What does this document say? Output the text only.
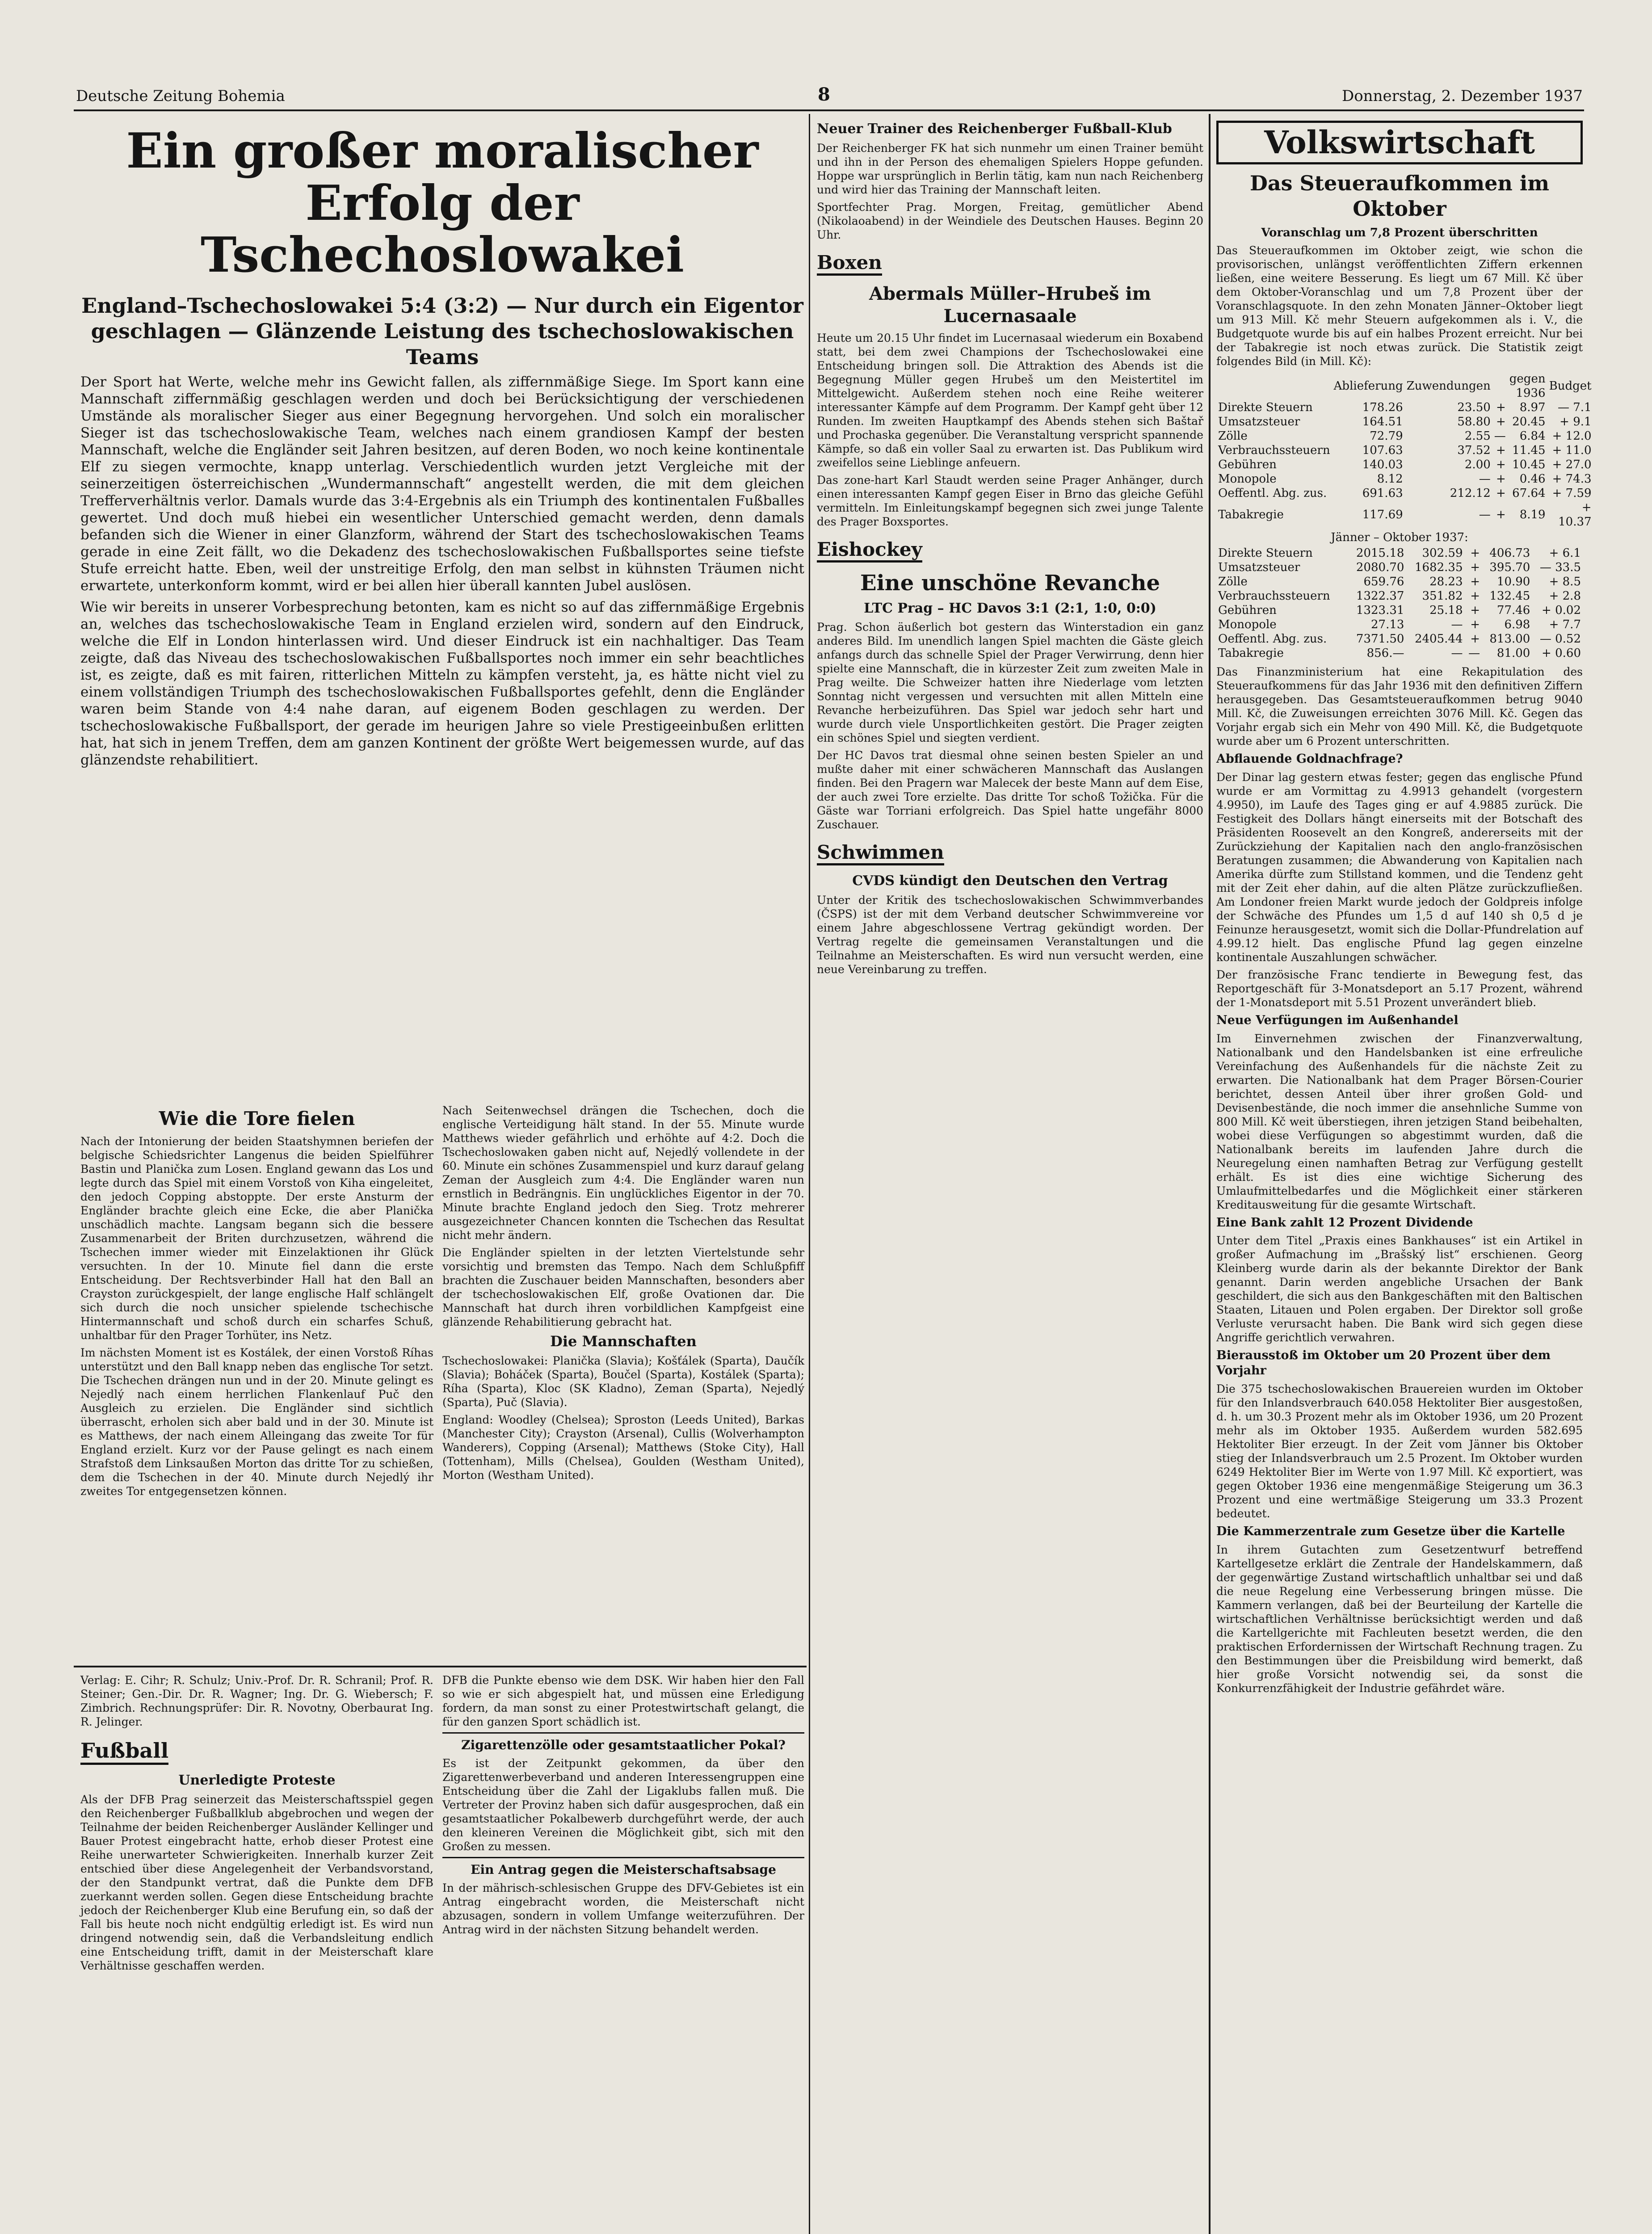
Deutsche Zeitung Bohemia	8	Donnerstag, 2. Dezember 1937
Ein großer moralischer Erfolg der Tschechoslowakei
England–Tschechoslowakei 5:4 (3:2) — Nur durch ein Eigentor geschlagen — Glänzende Leistung des tschechoslowakischen Teams

Der Sport hat Werte, welche mehr ins Gewicht fallen, als ziffernmäßige Siege. Im Sport kann eine Mannschaft ziffernmäßig geschlagen werden und doch bei Berücksichtigung der verschiedenen Umstände als moralischer Sieger aus einer Begegnung hervorgehen. Und solch ein moralischer Sieger ist das tschechoslowakische Team, welches nach einem grandiosen Kampf der besten Mannschaft, welche die Engländer seit Jahren besitzen, auf deren Boden, wo noch keine kontinentale Elf zu siegen vermochte, knapp unterlag. Verschiedentlich wurden jetzt Vergleiche mit der seinerzeitigen österreichischen „Wundermannschaft“ angestellt werden, die mit dem gleichen Trefferverhältnis verlor. Damals wurde das 3:4-Ergebnis als ein Triumph des kontinentalen Fußballes gewertet. Und doch muß hiebei ein wesentlicher Unterschied gemacht werden, denn damals befanden sich die Wiener in einer Glanzform, während der Start des tschechoslowakischen Teams gerade in eine Zeit fällt, wo die Dekadenz des tschechoslowakischen Fußballsportes seine tiefste Stufe erreicht hatte. Eben, weil der unstreitige Erfolg, den man selbst in kühnsten Träumen nicht erwartete, unterkonform kommt, wird er bei allen hier überall kannten Jubel auslösen.

Wie wir bereits in unserer Vorbesprechung betonten, kam es nicht so auf das ziffernmäßige Ergebnis an, welches das tschechoslowakische Team in England erzielen wird, sondern auf den Eindruck, welche die Elf in London hinterlassen wird. Und dieser Eindruck ist ein nachhaltiger. Das Team zeigte, daß das Niveau des tschechoslowakischen Fußballsportes noch immer ein sehr beachtliches ist, es zeigte, daß es mit fairen, ritterlichen Mitteln zu kämpfen versteht, ja, es hätte nicht viel zu einem vollständigen Triumph des tschechoslowakischen Fußballsportes gefehlt, denn die Engländer waren beim Stande von 4:4 nahe daran, auf eigenem Boden geschlagen zu werden. Der tschechoslowakische Fußballsport, der gerade im heurigen Jahre so viele Prestigeeinbußen erlitten hat, hat sich in jenem Treffen, dem am ganzen Kontinent der größte Wert beigemessen wurde, auf das glänzendste rehabilitiert.

Wie die Tore fielen

Nach der Intonierung der beiden Staatshymnen beriefen der belgische Schiedsrichter Langenus die beiden Spielführer Bastin und Planička zum Losen. England gewann das Los und legte durch das Spiel mit einem Vorstoß von Kiha eingeleitet, den jedoch Copping abstoppte. Der erste Ansturm der Engländer brachte gleich eine Ecke, die aber Planička unschädlich machte. Langsam begann sich die bessere Zusammenarbeit der Briten durchzusetzen, während die Tschechen immer wieder mit Einzelaktionen ihr Glück versuchten. In der 10. Minute fiel dann die erste Entscheidung. Der Rechtsverbinder Hall hat den Ball an Crayston zurückgespielt, der lange englische Half schlängelt sich durch die noch unsicher spielende tschechische Hintermannschaft und schoß durch ein scharfes Schuß, unhaltbar für den Prager Torhüter, ins Netz.

Im nächsten Moment ist es Kostálek, der einen Vorstoß Ríhas unterstützt und den Ball knapp neben das englische Tor setzt. Die Tschechen drängen nun und in der 20. Minute gelingt es Nejedlý nach einem herrlichen Flankenlauf Puč den Ausgleich zu erzielen. Die Engländer sind sichtlich überrascht, erholen sich aber bald und in der 30. Minute ist es Matthews, der nach einem Alleingang das zweite Tor für England erzielt. Kurz vor der Pause gelingt es nach einem Strafstoß dem Linksaußen Morton das dritte Tor zu schießen, dem die Tschechen in der 40. Minute durch Nejedlý ihr zweites Tor entgegensetzen können.

Nach Seitenwechsel drängen die Tschechen, doch die englische Verteidigung hält stand. In der 55. Minute wurde Matthews wieder gefährlich und erhöhte auf 4:2. Doch die Tschechoslowaken gaben nicht auf, Nejedlý vollendete in der 60. Minute ein schönes Zusammenspiel und kurz darauf gelang Zeman der Ausgleich zum 4:4. Die Engländer waren nun ernstlich in Bedrängnis. Ein unglückliches Eigentor in der 70. Minute brachte England jedoch den Sieg. Trotz mehrerer ausgezeichneter Chancen konnten die Tschechen das Resultat nicht mehr ändern.

Die Engländer spielten in der letzten Viertelstunde sehr vorsichtig und bremsten das Tempo. Nach dem Schlußpfiff brachten die Zuschauer beiden Mannschaften, besonders aber der tschechoslowakischen Elf, große Ovationen dar. Die Mannschaft hat durch ihren vorbildlichen Kampfgeist eine glänzende Rehabilitierung gebracht hat.

Die Mannschaften

Tschechoslowakei: Planička (Slavia); Košťálek (Sparta), Daučík (Slavia); Boháček (Sparta), Boučel (Sparta), Kostálek (Sparta); Ríha (Sparta), Kloc (SK Kladno), Zeman (Sparta), Nejedlý (Sparta), Puč (Slavia).

England: Woodley (Chelsea); Sproston (Leeds United), Barkas (Manchester City); Crayston (Arsenal), Cullis (Wolverhampton Wanderers), Copping (Arsenal); Matthews (Stoke City), Hall (Tottenham), Mills (Chelsea), Goulden (Westham United), Morton (Westham United).

Verlag: E. Cihr; R. Schulz; Univ.-Prof. Dr. R. Schranil; Prof. R. Steiner; Gen.-Dir. Dr. R. Wagner; Ing. Dr. G. Wiebersch; F. Zimbrich. Rechnungsprüfer: Dir. R. Novotny, Oberbaurat Ing. R. Jelinger.

Fußball
Unerledigte Proteste

Als der DFB Prag seinerzeit das Meisterschaftsspiel gegen den Reichenberger Fußballklub abgebrochen und wegen der Teilnahme der beiden Reichenberger Ausländer Kellinger und Bauer Protest eingebracht hatte, erhob dieser Protest eine Reihe unerwarteter Schwierigkeiten. Innerhalb kurzer Zeit entschied über diese Angelegenheit der Verbandsvorstand, der den Standpunkt vertrat, daß die Punkte dem DFB zuerkannt werden sollen. Gegen diese Entscheidung brachte jedoch der Reichenberger Klub eine Berufung ein, so daß der Fall bis heute noch nicht endgültig erledigt ist. Es wird nun dringend notwendig sein, daß die Verbandsleitung endlich eine Entscheidung trifft, damit in der Meisterschaft klare Verhältnisse geschaffen werden.

DFB die Punkte ebenso wie dem DSK. Wir haben hier den Fall so wie er sich abgespielt hat, und müssen eine Erledigung fordern, da man sonst zu einer Protestwirtschaft gelangt, die für den ganzen Sport schädlich ist.

Zigarettenzölle oder gesamtstaatlicher Pokal?

Es ist der Zeitpunkt gekommen, da über den Zigarettenwerbeverband und anderen Interessengruppen eine Entscheidung über die Zahl der Ligaklubs fallen muß. Die Vertreter der Provinz haben sich dafür ausgesprochen, daß ein gesamtstaatlicher Pokalbewerb durchgeführt werde, der auch den kleineren Vereinen die Möglichkeit gibt, sich mit den Großen zu messen.

Ein Antrag gegen die Meisterschaftsabsage

In der mährisch-schlesischen Gruppe des DFV-Gebietes ist ein Antrag eingebracht worden, die Meisterschaft nicht abzusagen, sondern in vollem Umfange weiterzuführen. Der Antrag wird in der nächsten Sitzung behandelt werden.

Neuer Trainer des Reichenberger Fußball-Klub

Der Reichenberger FK hat sich nunmehr um einen Trainer bemüht und ihn in der Person des ehemaligen Spielers Hoppe gefunden. Hoppe war ursprünglich in Berlin tätig, kam nun nach Reichenberg und wird hier das Training der Mannschaft leiten.

Sportfechter Prag. Morgen, Freitag, gemütlicher Abend (Nikolaoabend) in der Weindiele des Deutschen Hauses. Beginn 20 Uhr.

Boxen
Abermals Müller–Hrubeš im Lucernasaale

Heute um 20.15 Uhr findet im Lucernasaal wiederum ein Boxabend statt, bei dem zwei Champions der Tschechoslowakei eine Entscheidung bringen soll. Die Attraktion des Abends ist die Begegnung Müller gegen Hrubeš um den Meistertitel im Mittelgewicht. Außerdem stehen noch eine Reihe weiterer interessanter Kämpfe auf dem Programm. Der Kampf geht über 12 Runden. Im zweiten Hauptkampf des Abends stehen sich Baštař und Prochaska gegenüber. Die Veranstaltung verspricht spannende Kämpfe, so daß ein voller Saal zu erwarten ist. Das Publikum wird zweifellos seine Lieblinge anfeuern.

Das zone-hart Karl Staudt werden seine Prager Anhänger, durch einen interessanten Kampf gegen Eiser in Brno das gleiche Gefühl vermitteln. Im Einleitungskampf begegnen sich zwei junge Talente des Prager Boxsportes.

Eishockey
Eine unschöne Revanche
LTC Prag – HC Davos 3:1 (2:1, 1:0, 0:0)

Prag. Schon äußerlich bot gestern das Winterstadion ein ganz anderes Bild. Im unendlich langen Spiel machten die Gäste gleich anfangs durch das schnelle Spiel der Prager Verwirrung, denn hier spielte eine Mannschaft, die in kürzester Zeit zum zweiten Male in Prag weilte. Die Schweizer hatten ihre Niederlage vom letzten Sonntag nicht vergessen und versuchten mit allen Mitteln eine Revanche herbeizuführen. Das Spiel war jedoch sehr hart und wurde durch viele Unsportlichkeiten gestört. Die Prager zeigten ein schönes Spiel und siegten verdient.

Der HC Davos trat diesmal ohne seinen besten Spieler an und mußte daher mit einer schwächeren Mannschaft das Auslangen finden. Bei den Pragern war Malecek der beste Mann auf dem Eise, der auch zwei Tore erzielte. Das dritte Tor schoß Tožička. Für die Gäste war Torriani erfolgreich. Das Spiel hatte ungefähr 8000 Zuschauer.

Schwimmen
CVDS kündigt den Deutschen den Vertrag

Unter der Kritik des tschechoslowakischen Schwimmverbandes (ČSPS) ist der mit dem Verband deutscher Schwimmvereine vor einem Jahre abgeschlossene Vertrag gekündigt worden. Der Vertrag regelte die gemeinsamen Veranstaltungen und die Teilnahme an Meisterschaften. Es wird nun versucht werden, eine neue Vereinbarung zu treffen.

Volkswirtschaft
Das Steueraufkommen im Oktober
Voranschlag um 7,8 Prozent überschritten

Das Steueraufkommen im Oktober zeigt, wie schon die provisorischen, unlängst veröffentlichten Ziffern erkennen ließen, eine weitere Besserung. Es liegt um 67 Mill. Kč über dem Oktober-Voranschlag und um 7,8 Prozent über der Voranschlagsquote. In den zehn Monaten Jänner–Oktober liegt um 913 Mill. Kč mehr Steuern aufgekommen als i. V., die Budgetquote wurde bis auf ein halbes Prozent erreicht. Nur bei der Tabakregie ist noch etwas zurück. Die Statistik zeigt folgendes Bild (in Mill. Kč):

	Ablieferung	Zuwendungen		gegen 1936	Budget
Direkte Steuern	178.26	23.50	+	8.97	— 7.1
Umsatzsteuer	164.51	58.80	+	20.45	+ 9.1
Zölle	72.79	2.55	—	6.84	+ 12.0
Verbrauchssteuern	107.63	37.52	+	11.45	+ 11.0
Gebühren	140.03	2.00	+	10.45	+ 27.0
Monopole	8.12	—	+	0.46	+ 74.3
Oeffentl. Abg. zus.	691.63	212.12	+	67.64	+ 7.59
Tabakregie	117.69	—	+	8.19	+ 10.37
Jänner – Oktober 1937:
Direkte Steuern	2015.18	302.59	+	406.73	+ 6.1
Umsatzsteuer	2080.70	1682.35	+	395.70	— 33.5
Zölle	659.76	28.23	+	10.90	+ 8.5
Verbrauchssteuern	1322.37	351.82	+	132.45	+ 2.8
Gebühren	1323.31	25.18	+	77.46	+ 0.02
Monopole	27.13	—	+	6.98	+ 7.7
Oeffentl. Abg. zus.	7371.50	2405.44	+	813.00	— 0.52
Tabakregie	856.—	—	—	81.00	+ 0.60

Das Finanzministerium hat eine Rekapitulation des Steueraufkommens für das Jahr 1936 mit den definitiven Ziffern herausgegeben. Das Gesamtsteueraufkommen betrug 9040 Mill. Kč, die Zuweisungen erreichten 3076 Mill. Kč. Gegen das Vorjahr ergab sich ein Mehr von 490 Mill. Kč, die Budgetquote wurde aber um 6 Prozent unterschritten.

Abflauende Goldnachfrage?

Der Dinar lag gestern etwas fester; gegen das englische Pfund wurde er am Vormittag zu 4.9913 gehandelt (vorgestern 4.9950), im Laufe des Tages ging er auf 4.9885 zurück. Die Festigkeit des Dollars hängt einerseits mit der Botschaft des Präsidenten Roosevelt an den Kongreß, andererseits mit der Zurückziehung der Kapitalien nach den anglo-französischen Beratungen zusammen; die Abwanderung von Kapitalien nach Amerika dürfte zum Stillstand kommen, und die Tendenz geht mit der Zeit eher dahin, auf die alten Plätze zurückzufließen. Am Londoner freien Markt wurde jedoch der Goldpreis infolge der Schwäche des Pfundes um 1,5 d auf 140 sh 0,5 d je Feinunze herausgesetzt, womit sich die Dollar-Pfundrelation auf 4.99.12 hielt. Das englische Pfund lag gegen einzelne kontinentale Auszahlungen schwächer.

Der französische Franc tendierte in Bewegung fest, das Reportgeschäft für 3-Monatsdeport an 5.17 Prozent, während der 1-Monatsdeport mit 5.51 Prozent unverändert blieb.

Neue Verfügungen im Außenhandel

Im Einvernehmen zwischen der Finanzverwaltung, Nationalbank und den Handelsbanken ist eine erfreuliche Vereinfachung des Außenhandels für die nächste Zeit zu erwarten. Die Nationalbank hat dem Prager Börsen-Courier berichtet, dessen Anteil über ihrer großen Gold- und Devisenbestände, die noch immer die ansehnliche Summe von 800 Mill. Kč weit überstiegen, ihren jetzigen Stand beibehalten, wobei diese Verfügungen so abgestimmt wurden, daß die Nationalbank bereits im laufenden Jahre durch die Neuregelung einen namhaften Betrag zur Verfügung gestellt erhält. Es ist dies eine wichtige Sicherung des Umlaufmittelbedarfes und die Möglichkeit einer stärkeren Kreditausweitung für die gesamte Wirtschaft.

Eine Bank zahlt 12 Prozent Dividende

Unter dem Titel „Praxis eines Bankhauses“ ist ein Artikel in großer Aufmachung im „Brašský list“ erschienen. Georg Kleinberg wurde darin als der bekannte Direktor der Bank genannt. Darin werden angebliche Ursachen der Bank geschildert, die sich aus den Bankgeschäften mit den Baltischen Staaten, Litauen und Polen ergaben. Der Direktor soll große Verluste verursacht haben. Die Bank wird sich gegen diese Angriffe gerichtlich verwahren.

Bierausstoß im Oktober um 20 Prozent über dem Vorjahr

Die 375 tschechoslowakischen Brauereien wurden im Oktober für den Inlandsverbrauch 640.058 Hektoliter Bier ausgestoßen, d. h. um 30.3 Prozent mehr als im Oktober 1936, um 20 Prozent mehr als im Oktober 1935. Außerdem wurden 582.695 Hektoliter Bier erzeugt. In der Zeit vom Jänner bis Oktober stieg der Inlandsverbrauch um 2.5 Prozent. Im Oktober wurden 6249 Hektoliter Bier im Werte von 1.97 Mill. Kč exportiert, was gegen Oktober 1936 eine mengenmäßige Steigerung um 36.3 Prozent und eine wertmäßige Steigerung um 33.3 Prozent bedeutet.

Die Kammerzentrale zum Gesetze über die Kartelle

In ihrem Gutachten zum Gesetzentwurf betreffend Kartellgesetze erklärt die Zentrale der Handelskammern, daß der gegenwärtige Zustand wirtschaftlich unhaltbar sei und daß die neue Regelung eine Verbesserung bringen müsse. Die Kammern verlangen, daß bei der Beurteilung der Kartelle die wirtschaftlichen Verhältnisse berücksichtigt werden und daß die Kartellgerichte mit Fachleuten besetzt werden, die den praktischen Erfordernissen der Wirtschaft Rechnung tragen. Zu den Bestimmungen über die Preisbildung wird bemerkt, daß hier große Vorsicht notwendig sei, da sonst die Konkurrenzfähigkeit der Industrie gefährdet wäre.
